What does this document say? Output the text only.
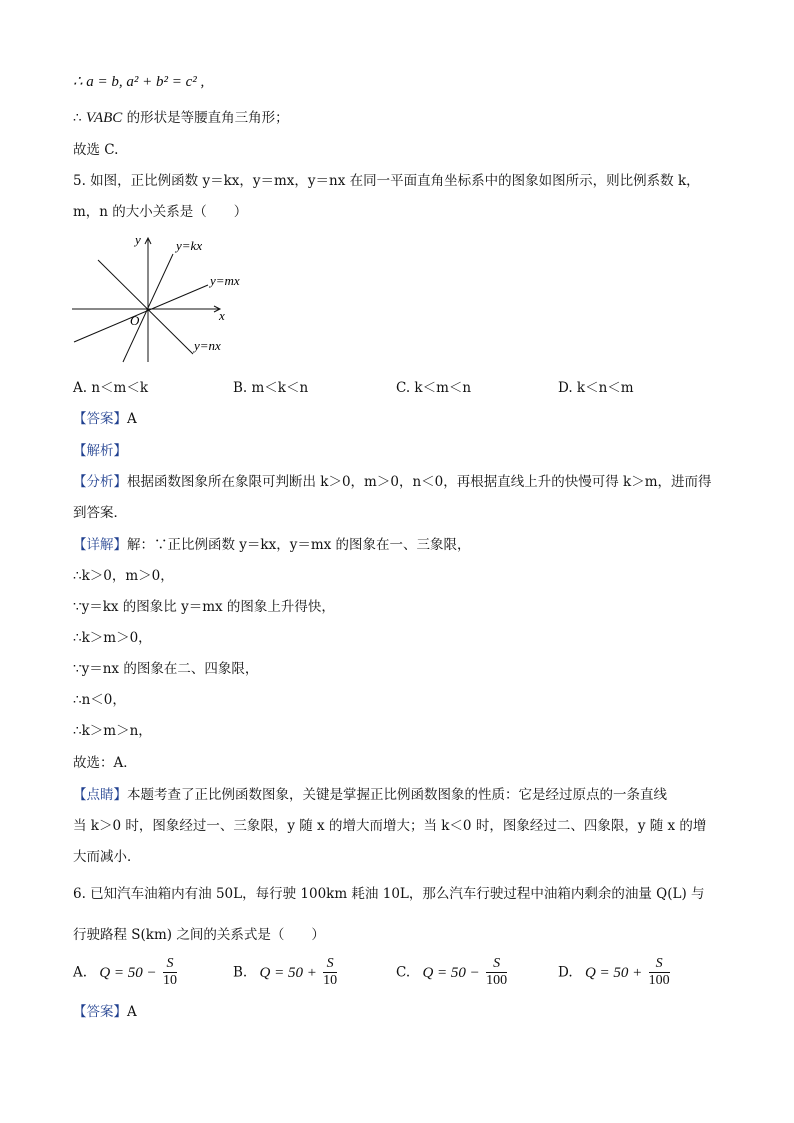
∴ a = b, a² + b² = c² ,
∴ VABC 的形状是等腰直角三角形；
故选 C.
5. 如图，正比例函数 y＝kx，y＝mx，y＝nx 在同一平面直角坐标系中的图象如图所示，则比例系数 k，
m，n 的大小关系是（　　）
y
x
O
y=kx
y=mx
y=nx
A. n＜m＜k	B. m＜k＜n	C. k＜m＜n	D. k＜n＜m
【答案】A
【解析】
【分析】根据函数图象所在象限可判断出 k＞0，m＞0，n＜0，再根据直线上升的快慢可得 k＞m，进而得
到答案．
【详解】解：∵正比例函数 y＝kx，y＝mx 的图象在一、三象限，
∴k＞0，m＞0，
∵y＝kx 的图象比 y＝mx 的图象上升得快，
∴k＞m＞0，
∵y＝nx 的图象在二、四象限，
∴n＜0，
∴k＞m＞n，
故选：A．
【点睛】本题考查了正比例函数图象，关键是掌握正比例函数图象的性质：它是经过原点的一条直线
当 k＞0 时，图象经过一、三象限，y 随 x 的增大而增大；当 k＜0 时，图象经过二、四象限，y 随 x 的增
大而减小．
6. 已知汽车油箱内有油 50L，每行驶 100km 耗油 10L，那么汽车行驶过程中油箱内剩余的油量 Q(L) 与
行驶路程 S(km) 之间的关系式是（　　）
A. $Q = 50 - \frac{S}{10}$	B. $Q = 50 + \frac{S}{10}$	C. $Q = 50 - \frac{S}{100}$	D. $Q = 50 + \frac{S}{100}$
【答案】A
